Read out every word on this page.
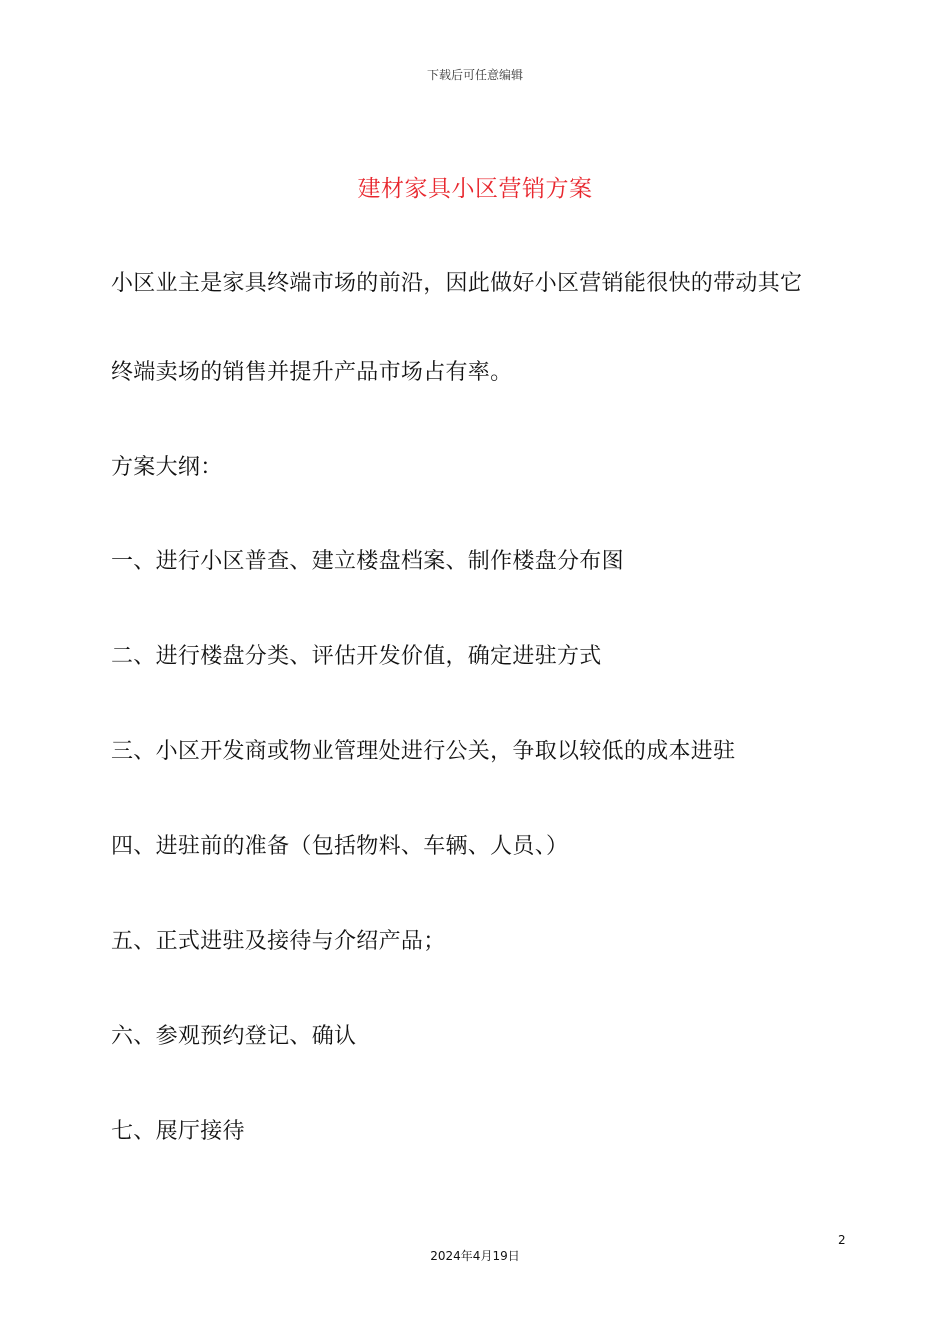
下载后可任意编辑
建材家具小区营销方案
小区业主是家具终端市场的前沿，因此做好小区营销能很快的带动其它
终端卖场的销售并提升产品市场占有率。
方案大纲：
一、进行小区普查、建立楼盘档案、制作楼盘分布图
二、进行楼盘分类、评估开发价值，确定进驻方式
三、小区开发商或物业管理处进行公关，争取以较低的成本进驻
四、进驻前的准备（包括物料、车辆、人员、）
五、正式进驻及接待与介绍产品；
六、参观预约登记、确认
七、展厅接待
2
2024年4月19日
